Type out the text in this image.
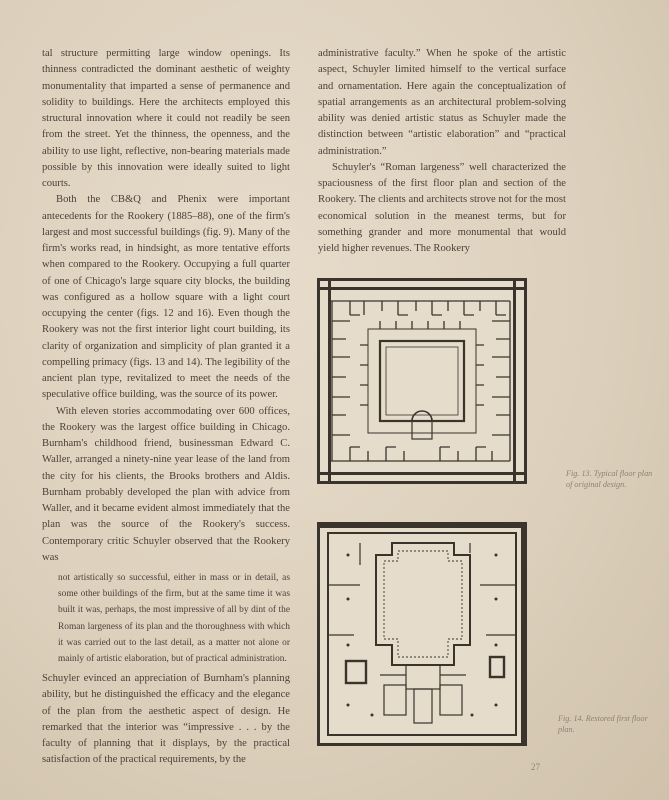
tal structure permitting large window openings. Its thinness contradicted the dominant aesthetic of weighty monumentality that imparted a sense of permanence and solidity to buildings. Here the architects employed this structural innovation where it could not readily be seen from the street. Yet the thinness, the openness, and the ability to use light, reflective, non-bearing materials made possible by this innovation were ideally suited to light courts.

Both the CB&Q and Phenix were important antecedents for the Rookery (1885–88), one of the firm's largest and most successful buildings (fig. 9). Many of the firm's works read, in hindsight, as more tentative efforts when compared to the Rookery. Occupying a full quarter of one of Chicago's large square city blocks, the building was configured as a hollow square with a light court occupying the center (figs. 12 and 16). Even though the Rookery was not the first interior light court building, its clarity of organization and simplicity of plan granted it a compelling primacy (figs. 13 and 14). The legibility of the ancient plan type, revitalized to meet the needs of the speculative office building, was the source of its power.

With eleven stories accommodating over 600 offices, the Rookery was the largest office building in Chicago. Burnham's childhood friend, businessman Edward C. Waller, arranged a ninety-nine year lease of the land from the city for his clients, the Brooks brothers and Aldis. Burnham probably developed the plan with advice from Waller, and it became evident almost immediately that the plan was the source of the Rookery's success. Contemporary critic Schuyler observed that the Rookery was

not artistically so successful, either in mass or in detail, as some other buildings of the firm, but at the same time it was built it was, perhaps, the most impressive of all by dint of the Roman largeness of its plan and the thoroughness with which it was carried out to the last detail, as a matter not alone or mainly of artistic elaboration, but of practical administration.

Schuyler evinced an appreciation of Burnham's planning ability, but he distinguished the efficacy and the elegance of the plan from the aesthetic aspect of design. He remarked that the interior was “impressive . . . by the faculty of planning that it displays, by the practical satisfaction of the practical requirements, by the

administrative faculty.” When he spoke of the artistic aspect, Schuyler limited himself to the vertical surface and ornamentation. Here again the conceptualization of spatial arrangements as an architectural problem-solving ability was denied artistic status as Schuyler made the distinction between “artistic elaboration” and “practical administration.”

Schuyler's “Roman largeness” well characterized the spaciousness of the first floor plan and section of the Rookery. The clients and architects strove not for the most economical solution in the meanest terms, but for something grander and more monumental that would yield higher revenues. The Rookery

Fig. 13. Typical floor plan of original design.
Fig. 14. Restored first floor plan.
27
